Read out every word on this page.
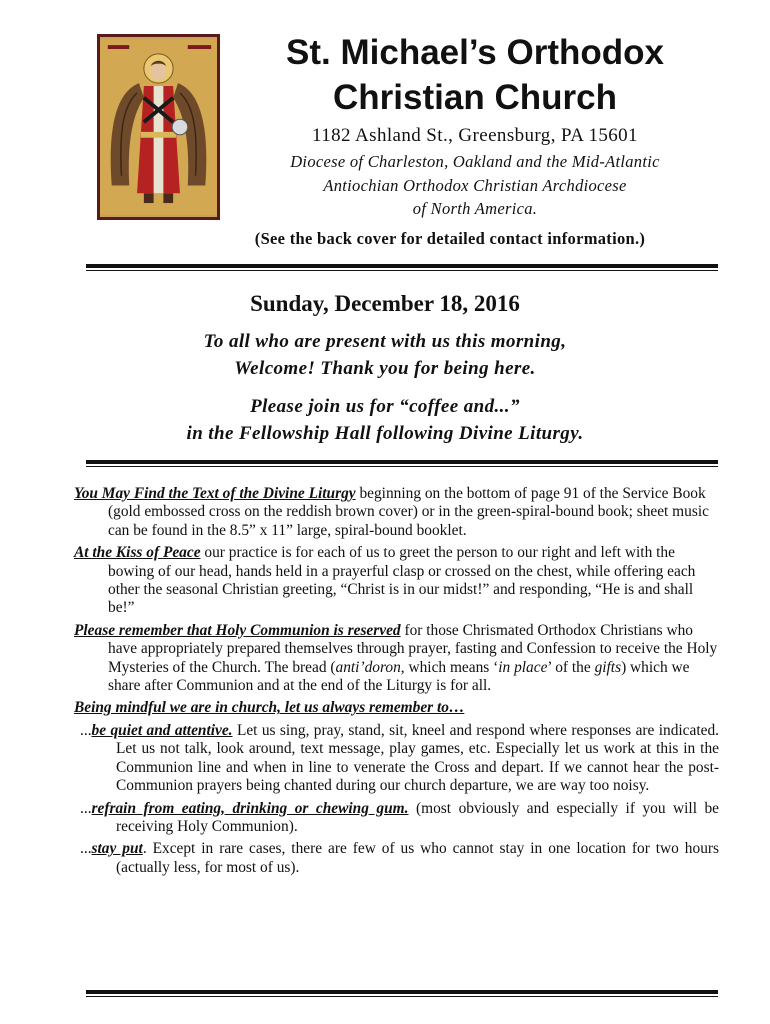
St. Michael’s Orthodox
Christian Church
1182 Ashland St., Greensburg, PA 15601
Diocese of Charleston, Oakland and the Mid-Atlantic
Antiochian Orthodox Christian Archdiocese
of North America.
(See the back cover for detailed contact information.)
Sunday, December 18, 2016
To all who are present with us this morning,
Welcome! Thank you for being here.
Please join us for “coffee and...”
in the Fellowship Hall following Divine Liturgy.

You May Find the Text of the Divine Liturgy beginning on the bottom of page 91 of the Service Book (gold embossed cross on the reddish brown cover) or in the green-spiral-bound book; sheet music can be found in the 8.5” x 11” large, spiral-bound booklet.

At the Kiss of Peace our practice is for each of us to greet the person to our right and left with the bowing of our head, hands held in a prayerful clasp or crossed on the chest, while offering each other the seasonal Christian greeting, “Christ is in our midst!” and responding, “He is and shall be!”

Please remember that Holy Communion is reserved for those Chrismated Orthodox Christians who have appropriately prepared themselves through prayer, fasting and Confession to receive the Holy Mysteries of the Church. The bread (anti’doron, which means ‘in place’ of the gifts) which we share after Communion and at the end of the Liturgy is for all.

Being mindful we are in church, let us always remember to…

...be quiet and attentive. Let us sing, pray, stand, sit, kneel and respond where responses are indicated. Let us not talk, look around, text message, play games, etc. Especially let us work at this in the Communion line and when in line to venerate the Cross and depart. If we cannot hear the post-Communion prayers being chanted during our church departure, we are way too noisy.

...refrain from eating, drinking or chewing gum. (most obviously and especially if you will be receiving Holy Communion).

...stay put. Except in rare cases, there are few of us who cannot stay in one location for two hours (actually less, for most of us).
